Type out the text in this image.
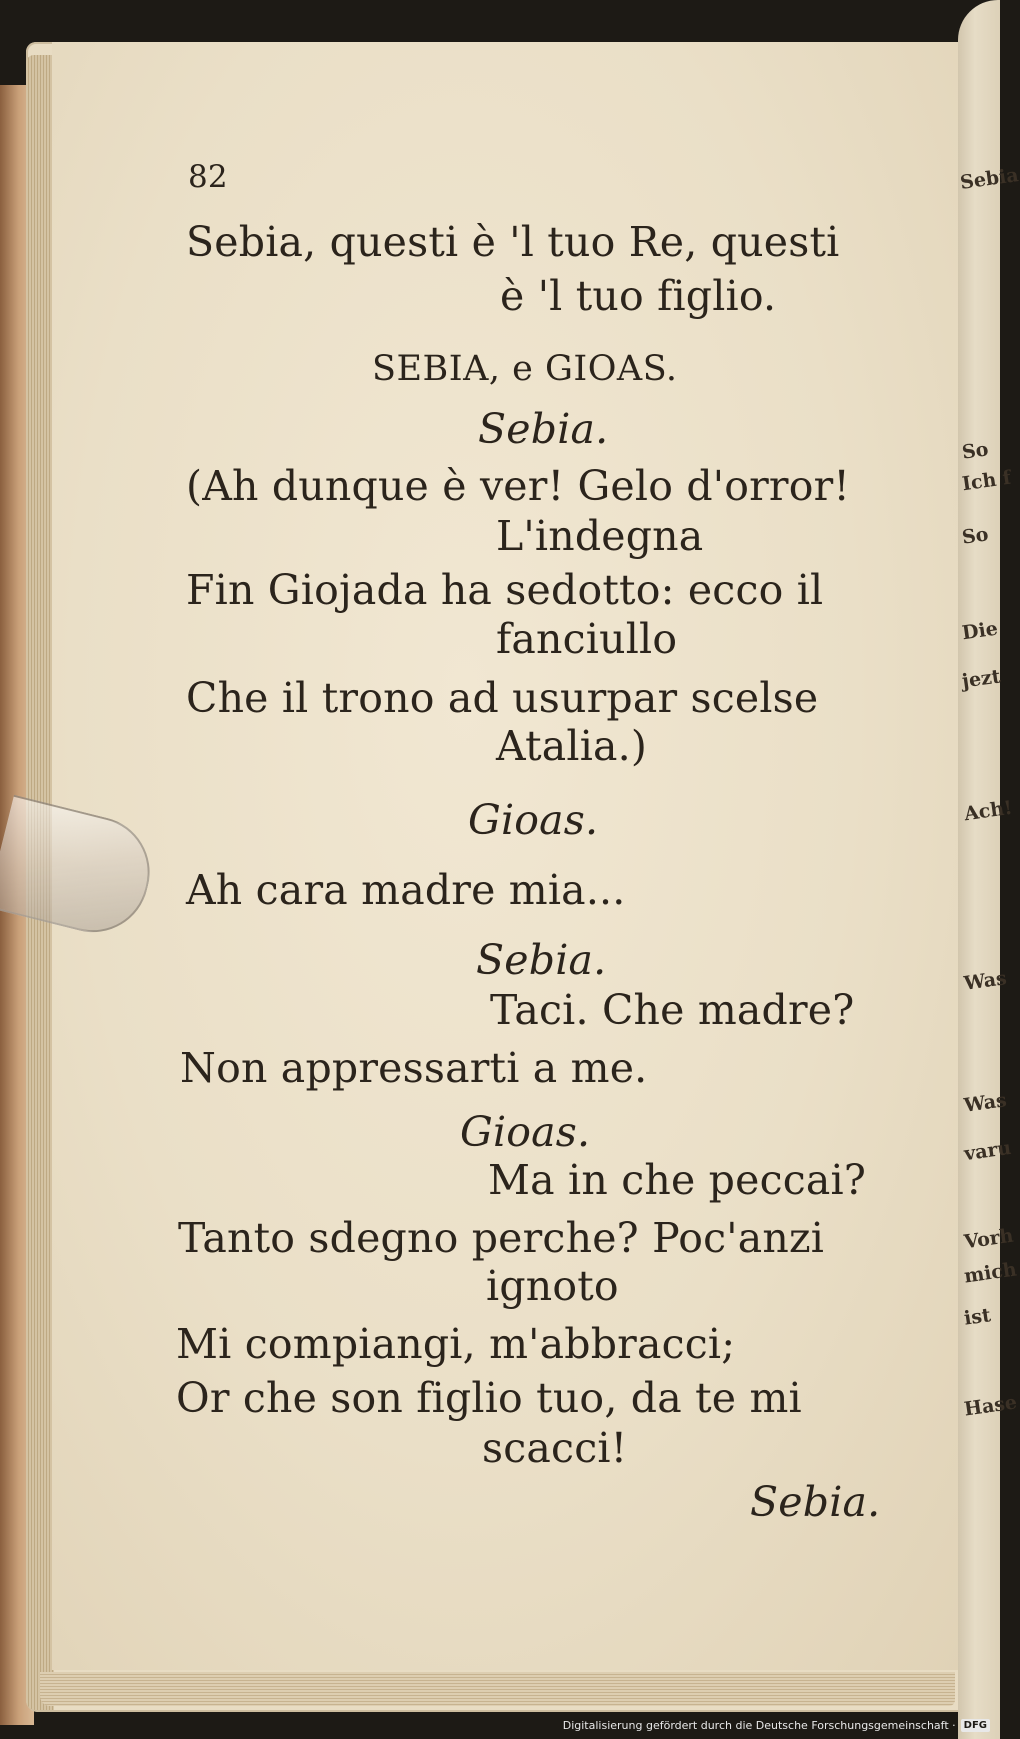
Sebia
So
Ich f
So
Die
jezt
Ach!
Was
Was
varu
Vorh
mich
ist
Hase
82
Sebia, questi è 'l tuo Re, questi
è 'l tuo figlio.
SEBIA, e GIOAS.
Sebia.
(Ah dunque è ver! Gelo d'orror!
L'indegna
Fin Giojada ha sedotto: ecco il
fanciullo
Che il trono ad usurpar scelse
Atalia.)
Gioas.
Ah cara madre mia...
Sebia.
Taci. Che madre?
Non appressarti a me.
Gioas.
Ma in che peccai?
Tanto sdegno perche? Poc'anzi
ignoto
Mi compiangi, m'abbracci;
Or che son figlio tuo, da te mi
scacci!
Sebia.
Digitalisierung gefördert durch die Deutsche Forschungsgemeinschaft · DFG
